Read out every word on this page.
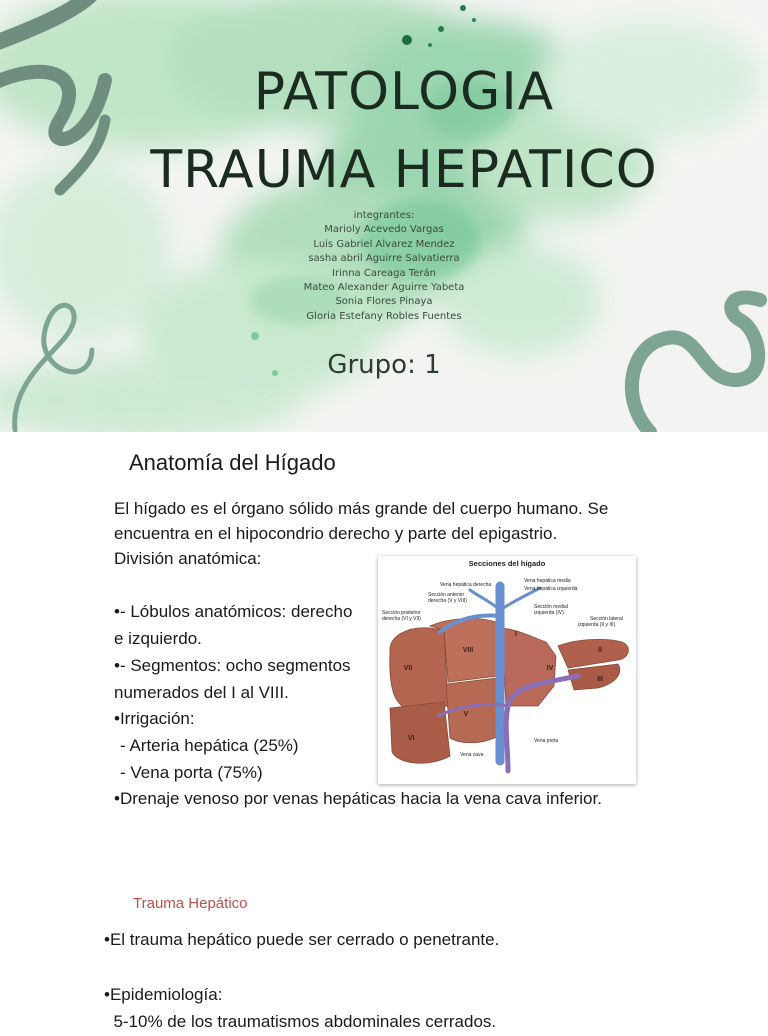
PATOLOGIA
TRAUMA HEPATICO
integrantes:
Marioly Acevedo Vargas
Luis Gabriel Alvarez Mendez
sasha abril Aguirre Salvatierra
Irinna Careaga Terán
Mateo Alexander Aguirre Yabeta
Sonia Flores Pinaya
Gloria Estefany Robles Fuentes
Grupo: 1
Anatomía del Hígado
El hígado es el órgano sólido más grande del cuerpo humano. Se encuentra en el hipocondrio derecho y parte del epigastrio.
División anatómica:
•- Lóbulos anatómicos: derecho e izquierdo.
•- Segmentos: ocho segmentos numerados del I al VIII.
•Irrigación:
- Arteria hepática (25%)
- Vena porta (75%)
•Drenaje venoso por venas hepáticas hacia la vena cava inferior.
Secciones del hígado
I
II
III
IV
V
VI
VII
VIII
Vena hepática derecha
Vena hepática media
Vena hepática izquierda
Sección anterior
derecha (V y VIII)
Sección medial
izquierda (IV)
Sección posterior
derecha (VI y VII)	Sección lateral
izquierda (II y III)
Vena porta
Vena cava
Trauma Hepático
•El trauma hepático puede ser cerrado o penetrante.
•Epidemiología:
5-10% de los traumatismos abdominales cerrados.
